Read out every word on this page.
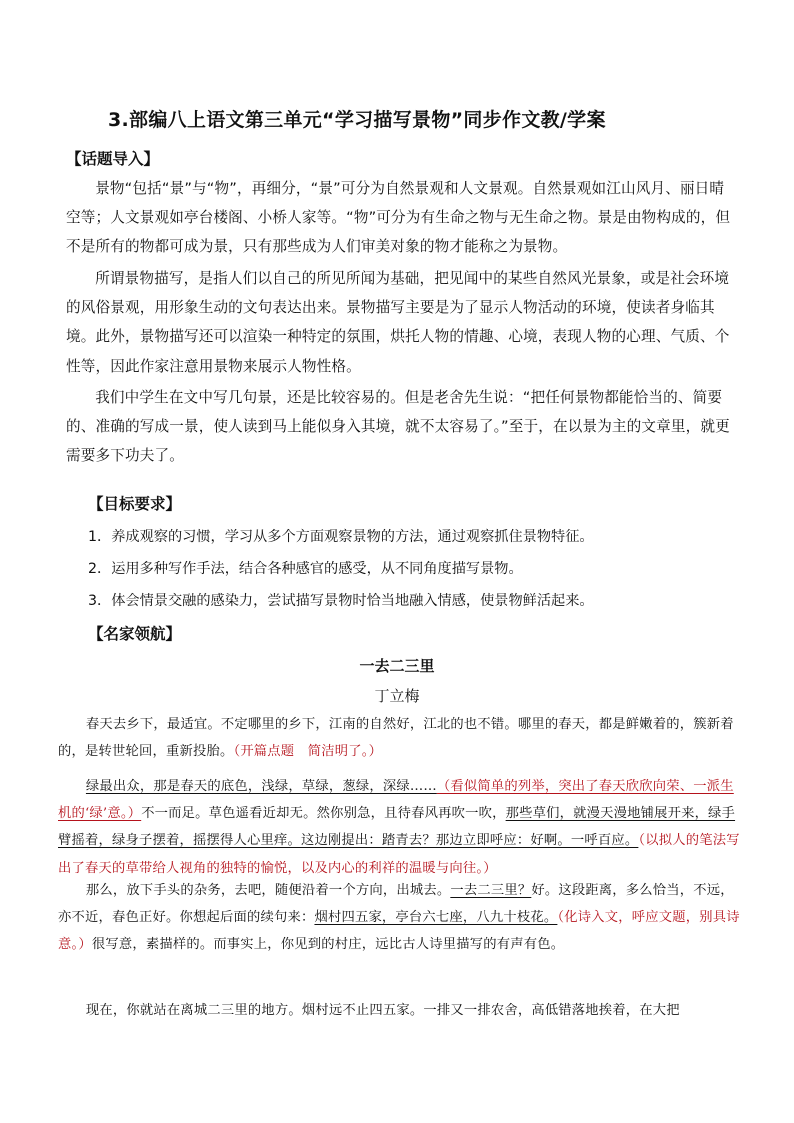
3.部编八上语文第三单元“学习描写景物”同步作文教/学案
【话题导入】
景物“包括“景”与“物”，再细分，“景”可分为自然景观和人文景观。自然景观如江山风月、丽日晴空等；人文景观如亭台楼阁、小桥人家等。“物”可分为有生命之物与无生命之物。景是由物构成的，但不是所有的物都可成为景，只有那些成为人们审美对象的物才能称之为景物。
所谓景物描写，是指人们以自己的所见所闻为基础，把见闻中的某些自然风光景象，或是社会环境的风俗景观，用形象生动的文句表达出来。景物描写主要是为了显示人物活动的环境，使读者身临其境。此外，景物描写还可以渲染一种特定的氛围，烘托人物的情趣、心境，表现人物的心理、气质、个性等，因此作家注意用景物来展示人物性格。
我们中学生在文中写几句景，还是比较容易的。但是老舍先生说：“把任何景物都能恰当的、简要的、准确的写成一景，使人读到马上能似身入其境，就不太容易了。”至于，在以景为主的文章里，就更需要多下功夫了。
【目标要求】
1．养成观察的习惯，学习从多个方面观察景物的方法，通过观察抓住景物特征。
2．运用多种写作手法，结合各种感官的感受，从不同角度描写景物。
3．体会情景交融的感染力，尝试描写景物时恰当地融入情感，使景物鲜活起来。
【名家领航】
一去二三里
丁立梅
春天去乡下，最适宜。不定哪里的乡下，江南的自然好，江北的也不错。哪里的春天，都是鲜嫩着的，簇新着的，是转世轮回，重新投胎。（开篇点题　简洁明了。）
绿最出众，那是春天的底色，浅绿，草绿，葱绿，深绿……（看似简单的列举，突出了春天欣欣向荣、一派生机的‘绿’意。）不一而足。草色遥看近却无。然你别急，且待春风再吹一吹，那些草们，就漫天漫地铺展开来，绿手臂摇着，绿身子摆着，摇摆得人心里痒。这边刚提出：踏青去？那边立即呼应：好啊。一呼百应。（以拟人的笔法写出了春天的草带给人视角的独特的愉悦，以及内心的利祥的温暖与向往。）
那么，放下手头的杂务，去吧，随便沿着一个方向，出城去。一去二三里？好。这段距离，多么恰当，不远，亦不近，春色正好。你想起后面的续句来：烟村四五家，亭台六七座，八九十枝花。（化诗入文，呼应文题，别具诗意。）很写意，素描样的。而事实上，你见到的村庄，远比古人诗里描写的有声有色。
现在，你就站在离城二三里的地方。烟村远不止四五家。一排又一排农舍，高低错落地挨着，在大把
